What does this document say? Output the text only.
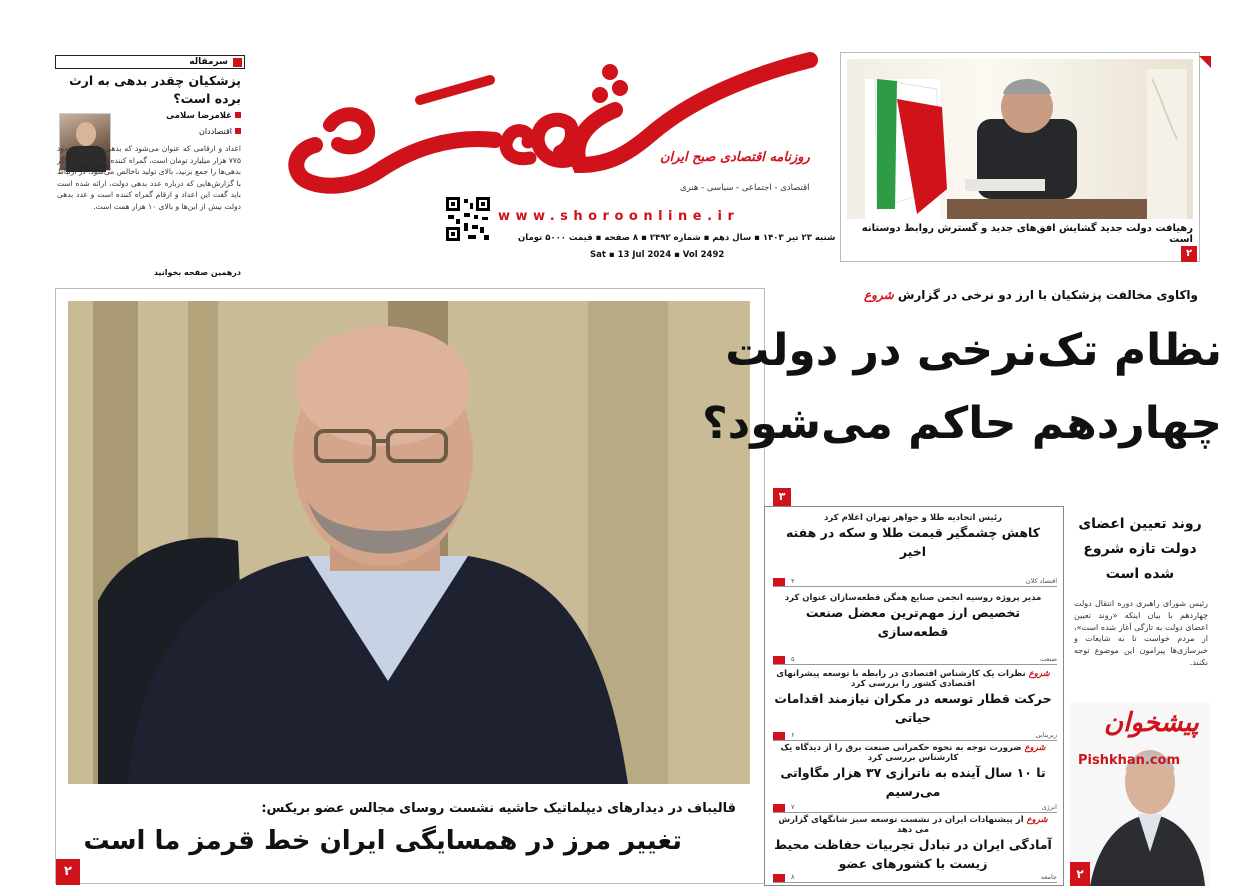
سرمقاله
پزشکیان چقدر بدهی به ارث برده است؟
غلامرضا سلامی
اقتصاددان
اعداد و ارقامی که عنوان می‌شود که بدهی دولت در حدود ۷۷۵ هزار میلیارد تومان است، گمراه کننده است؛ چراکه اگر بدهی‌ها را جمع بزنید، بالای تولید ناخالص می‌شود. در ارتباط با گزارش‌هایی که درباره عدد بدهی دولت، ارائه شده است باید گفت این اعداد و ارقام گمراه کننده است و عدد بدهی دولت بیش از این‌ها و بالای ۱۰ هزار همت است.
درهمین صفحه بخوانید
روزنامه اقتصادی صبح ایران
اقتصادی - اجتماعی - سیاسی - هنری
www.shoroonline.ir
شنبه ۲۳ تیر ۱۴۰۳ ▪ سال دهم ▪ شماره ۲۴۹۲ ▪ ۸ صفحه ▪ قیمت ۵۰۰۰ تومان
Sat ▪ 13 Jul 2024 ▪ Vol 2492
رهیافت دولت جدید گشایش افق‌های جدید و گسترش روابط دوستانه است
۲
قالیباف در دیدارهای دیپلماتیک حاشیه نشست روسای مجالس عضو بریکس:
تغییر مرز در همسایگی ایران خط قرمز ما است
۲
واکاوی مخالفت پزشکیان با ارز دو نرخی در گزارش شروع
نظام تک‌نرخی در دولت
چهاردهم حاکم می‌شود؟
۳
رئیس اتحادیه طلا و جواهر تهران اعلام کرد
کاهش چشمگیر قیمت طلا و سکه در هفته اخیر
اقتصاد کلان
۴
مدیر پروژه روسیه انجمن صنایع همگن قطعه‌سازان عنوان کرد
تخصیص ارز مهم‌ترین معضل صنعت قطعه‌سازی
صنعت
۵
شروع نظرات یک کارشناس اقتصادی در رابطه با توسعه پیشرانهای اقتصادی کشور را بررسی کرد
حرکت قطار توسعه در مکران نیازمند اقدامات حیاتی
زیربنایی
۶
شروع ضرورت توجه به نحوه حکمرانی صنعت برق را از دیدگاه یک کارشناس بررسی کرد
تا ۱۰ سال آینده به ناترازی ۳۷ هزار مگاواتی می‌رسیم
انرژی
۷
شروع از پیشنهادات ایران در نشست توسعه سبز شانگهای گزارش می دهد
آمادگی ایران در تبادل تجربیات حفاظت محیط زیست با کشورهای عضو
جامعه
۸
روند تعیین اعضای دولت تازه شروع شده است
رئیس شورای راهبری دوره انتقال دولت چهاردهم با بیان اینکه «روند تعیین اعضای دولت به تازگی آغاز شده است»، از مردم خواست تا به شایعات و خبرسازی‌ها پیرامون این موضوع توجه نکنند.
پیشخوان
Pishkhan.com
۲
